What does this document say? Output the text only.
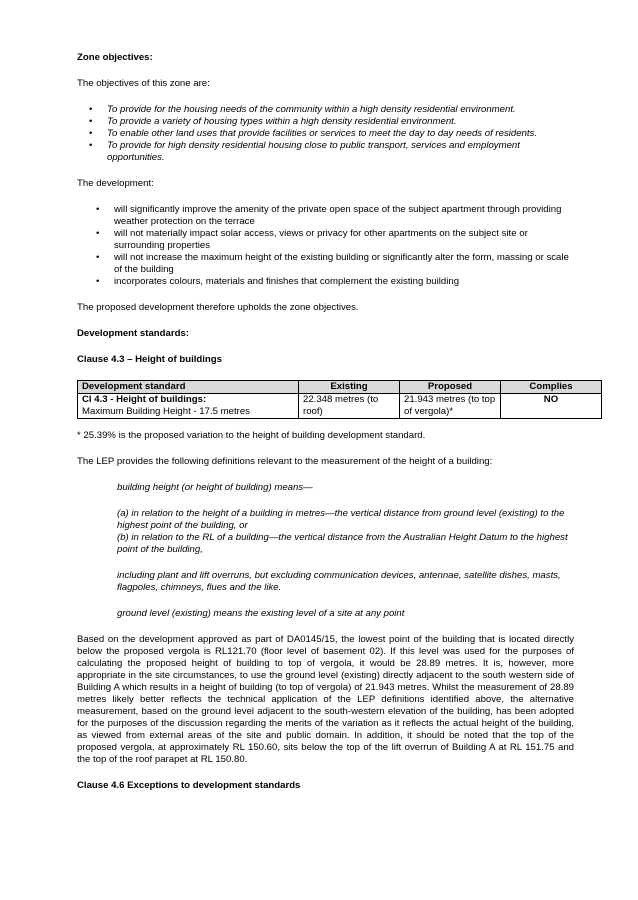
Zone objectives:

The objectives of this zone are:

• To provide for the housing needs of the community within a high density residential environment.
• To provide a variety of housing types within a high density residential environment.
• To enable other land uses that provide facilities or services to meet the day to day needs of residents.
• To provide for high density residential housing close to public transport, services and employment opportunities.

The development:

• will significantly improve the amenity of the private open space of the subject apartment through providing weather protection on the terrace
• will not materially impact solar access, views or privacy for other apartments on the subject site or surrounding properties
• will not increase the maximum height of the existing building or significantly alter the form, massing or scale of the building
• incorporates colours, materials and finishes that complement the existing building

The proposed development therefore upholds the zone objectives.

Development standards:

Clause 4.3 – Height of buildings

Development standard	Existing	Proposed	Complies
Cl 4.3 - Height of buildings:
Maximum Building Height - 17.5 metres	22.348 metres (to roof)	21.943 metres (to top of vergola)*	NO

* 25.39% is the proposed variation to the height of building development standard.

The LEP provides the following definitions relevant to the measurement of the height of a building:

building height (or height of building) means—

(a) in relation to the height of a building in metres—the vertical distance from ground level (existing) to the highest point of the building, or

(b) in relation to the RL of a building—the vertical distance from the Australian Height Datum to the highest point of the building,

including plant and lift overruns, but excluding communication devices, antennae, satellite dishes, masts, flagpoles, chimneys, flues and the like.

ground level (existing) means the existing level of a site at any point

Based on the development approved as part of DA0145/15, the lowest point of the building that is located directly below the proposed vergola is RL121.70 (floor level of basement 02). If this level was used for the purposes of calculating the proposed height of building to top of vergola, it would be 28.89 metres. It is, however, more appropriate in the site circumstances, to use the ground level (existing) directly adjacent to the south western side of Building A which results in a height of building (to top of vergola) of 21.943 metres. Whilst the measurement of 28.89 metres likely better reflects the technical application of the LEP definitions identified above, the alternative measurement, based on the ground level adjacent to the south-western elevation of the building, has been adopted for the purposes of the discussion regarding the merits of the variation as it reflects the actual height of the building, as viewed from external areas of the site and public domain. In addition, it should be noted that the top of the proposed vergola, at approximately RL 150.60, sits below the top of the lift overrun of Building A at RL 151.75 and the top of the roof parapet at RL 150.80.

Clause 4.6 Exceptions to development standards
